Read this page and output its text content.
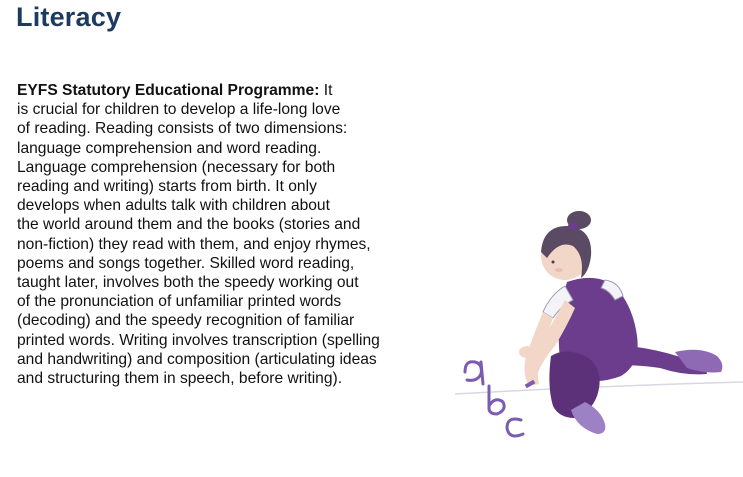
Literacy

EYFS Statutory Educational Programme: It
is crucial for children to develop a life-long love
of reading. Reading consists of two dimensions:
language comprehension and word reading.
Language comprehension (necessary for both
reading and writing) starts from birth. It only
develops when adults talk with children about
the world around them and the books (stories and
non-fiction) they read with them, and enjoy rhymes,
poems and songs together. Skilled word reading,
taught later, involves both the speedy working out
of the pronunciation of unfamiliar printed words
(decoding) and the speedy recognition of familiar
printed words. Writing involves transcription (spelling
and handwriting) and composition (articulating ideas
and structuring them in speech, before writing).
